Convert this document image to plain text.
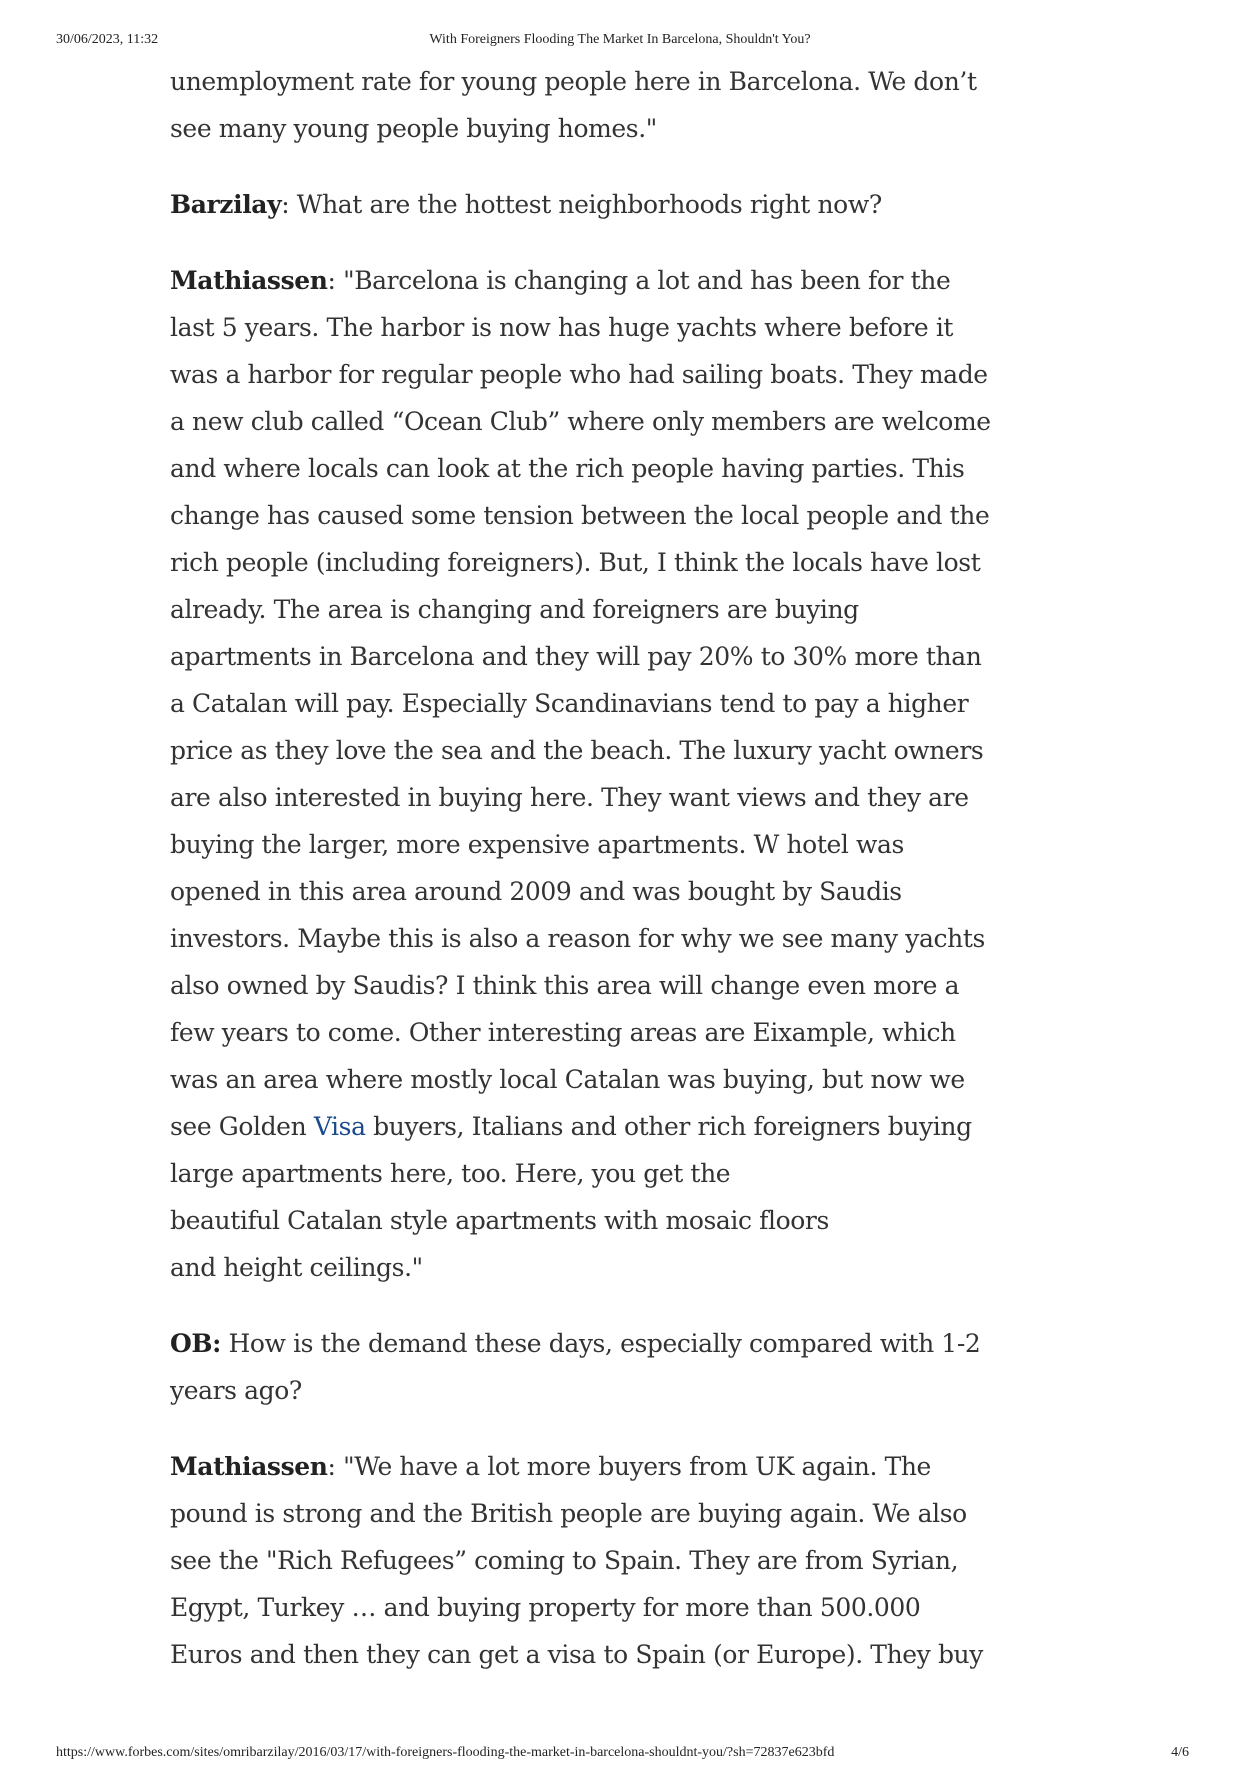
30/06/2023, 11:32	With Foreigners Flooding The Market In Barcelona, Shouldn't You?

unemployment rate for young people here in Barcelona. We don’t
see many young people buying homes."

Barzilay: What are the hottest neighborhoods right now?

Mathiassen: "Barcelona is changing a lot and has been for the
last 5 years. The harbor is now has huge yachts where before it
was a harbor for regular people who had sailing boats. They made
a new club called “Ocean Club” where only members are welcome
and where locals can look at the rich people having parties. This
change has caused some tension between the local people and the
rich people (including foreigners). But, I think the locals have lost
already. The area is changing and foreigners are buying
apartments in Barcelona and they will pay 20% to 30% more than
a Catalan will pay. Especially Scandinavians tend to pay a higher
price as they love the sea and the beach. The luxury yacht owners
are also interested in buying here. They want views and they are
buying the larger, more expensive apartments. W hotel was
opened in this area around 2009 and was bought by Saudis
investors. Maybe this is also a reason for why we see many yachts
also owned by Saudis? I think this area will change even more a
few years to come. Other interesting areas are Eixample, which
was an area where mostly local Catalan was buying, but now we
see Golden Visa buyers, Italians and other rich foreigners buying
large apartments here, too. Here, you get the
beautiful Catalan style apartments with mosaic floors
and height ceilings."

OB: How is the demand these days, especially compared with 1-2
years ago?

Mathiassen: "We have a lot more buyers from UK again. The
pound is strong and the British people are buying again. We also
see the "Rich Refugees” coming to Spain. They are from Syrian,
Egypt, Turkey … and buying property for more than 500.000
Euros and then they can get a visa to Spain (or Europe). They buy

https://www.forbes.com/sites/omribarzilay/2016/03/17/with-foreigners-flooding-the-market-in-barcelona-shouldnt-you/?sh=72837e623bfd	4/6
